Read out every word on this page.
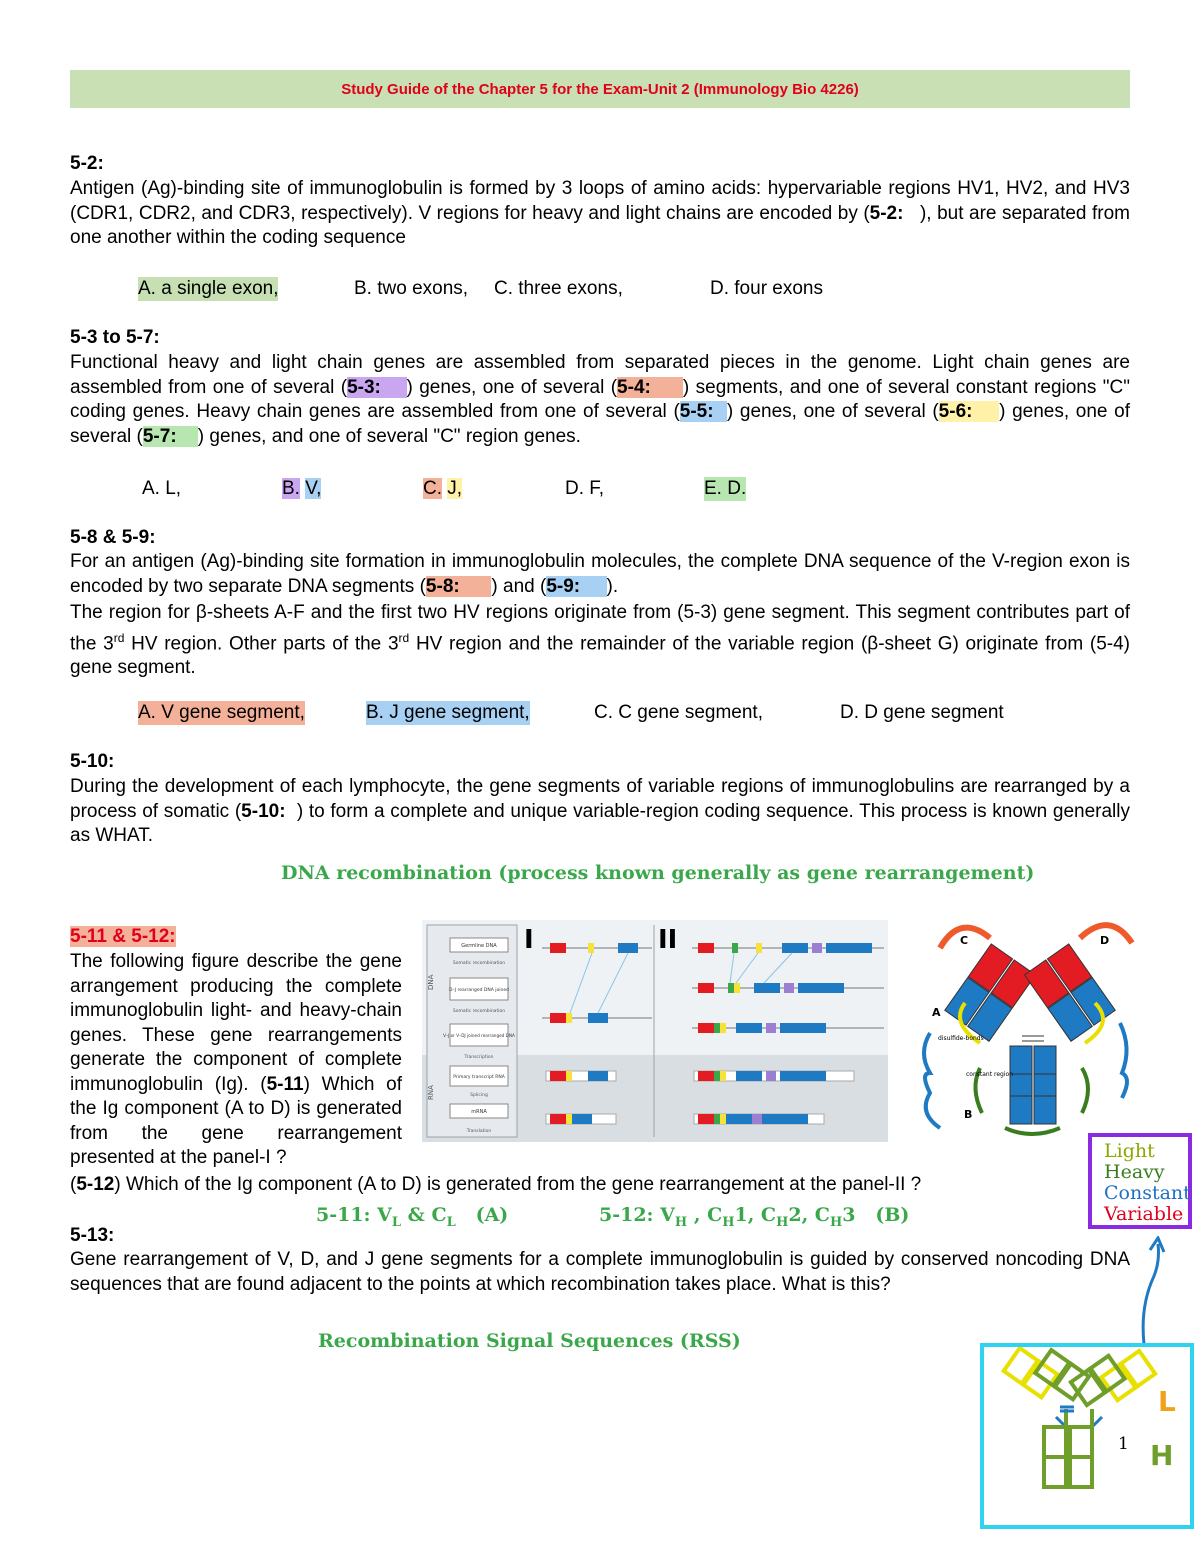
Study Guide of the Chapter 5 for the Exam-Unit 2 (Immunology Bio 4226)
5-2:
Antigen (Ag)-binding site of immunoglobulin is formed by 3 loops of amino acids: hypervariable regions HV1, HV2, and HV3 (CDR1, CDR2, and CDR3, respectively). V regions for heavy and light chains are encoded by (5-2: ), but are separated from one another within the coding sequence
A. a single exon,	B. two exons, C. three exons,	D. four exons
5-3 to 5-7:
Functional heavy and light chain genes are assembled from separated pieces in the genome. Light chain genes are assembled from one of several (5-3: ) genes, one of several (5-4: ) segments, and one of several constant regions "C" coding genes. Heavy chain genes are assembled from one of several (5-5: ) genes, one of several (5-6: ) genes, one of several (5-7: ) genes, and one of several "C" region genes.
A. L,	B. V,	C. J,	D. F,	E. D.
5-8 & 5-9:
For an antigen (Ag)-binding site formation in immunoglobulin molecules, the complete DNA sequence of the V-region exon is encoded by two separate DNA segments (5-8: ) and (5-9: ).
The region for β-sheets A-F and the first two HV regions originate from (5-3) gene segment. This segment contributes part of the 3rd HV region. Other parts of the 3rd HV region and the remainder of the variable region (β-sheet G) originate from (5-4) gene segment.
A. V gene segment,	B. J gene segment,	C. C gene segment,	D. D gene segment
5-10:
During the development of each lymphocyte, the gene segments of variable regions of immunoglobulins are rearranged by a process of somatic (5-10: ) to form a complete and unique variable-region coding sequence. This process is known generally as WHAT.
DNA recombination (process known generally as gene rearrangement)
5-11 & 5-12:
The following figure describe the gene arrangement producing the complete immunoglobulin light- and heavy-chain genes. These gene rearrangements generate the component of complete immunoglobulin (Ig). (5-11) Which of the Ig component (A to D) is generated from the gene rearrangement presented at the panel-I ?
(5-12) Which of the Ig component (A to D) is generated from the gene rearrangement at the panel-II ?
5-11: $V_L$ & $C_L$ (A)	5-12: $V_H$ , $C_H1$, $C_H2$, $C_H3$ (B)
DNA
RNA
Germline DNA
Somatic recombination
D–J rearranged DNA joined
Somatic recombination
V–J or V–DJ joined rearranged DNA
Transcription
Primary transcript RNA
Splicing
mRNA
Translation
I	II	C	D
A
B
disulfide-bonds
constant region
Light
Heavy
Constant
Variable
L
H
1
5-13:
Gene rearrangement of V, D, and J gene segments for a complete immunoglobulin is guided by conserved noncoding DNA sequences that are found adjacent to the points at which recombination takes place. What is this?
Recombination Signal Sequences (RSS)
